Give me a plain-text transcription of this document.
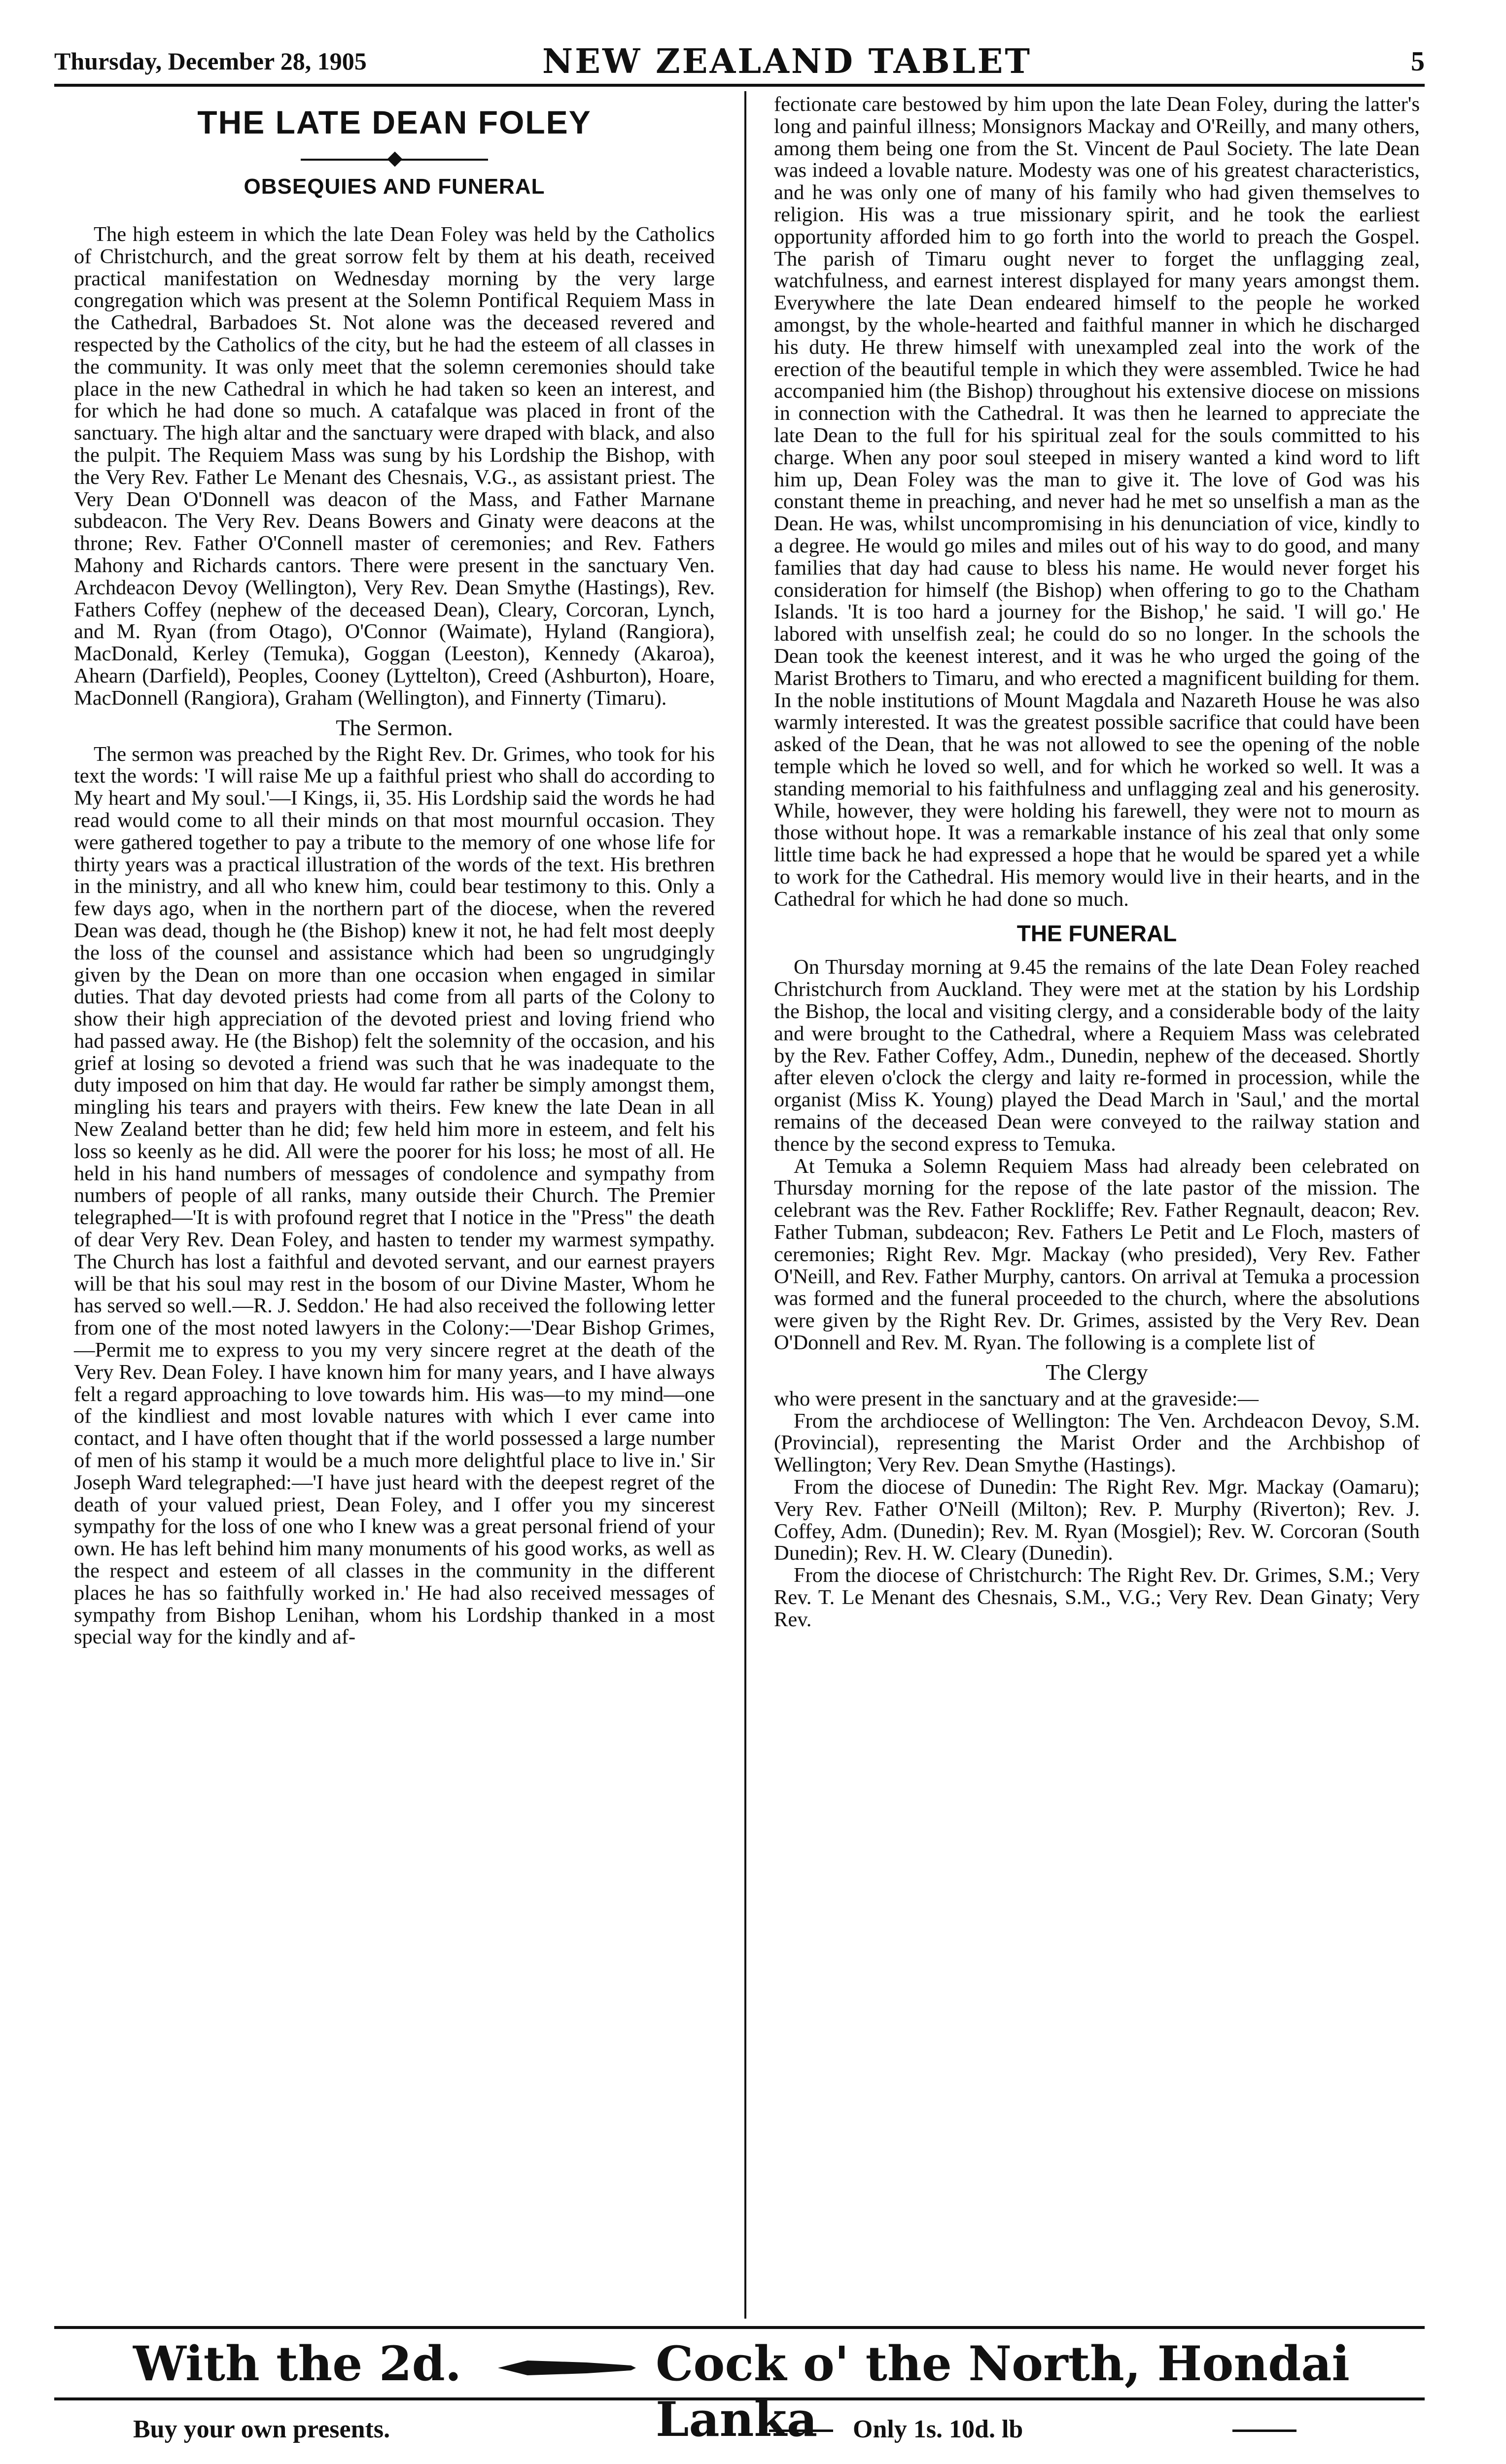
Thursday, December 28, 1905	NEW ZEALAND TABLET	5
THE LATE DEAN FOLEY
OBSEQUIES AND FUNERAL

The high esteem in which the late Dean Foley was held by the Catholics of Christchurch, and the great sorrow felt by them at his death, received practical manifestation on Wednesday morning by the very large congregation which was present at the Solemn Pontifical Requiem Mass in the Cathedral, Barbadoes St. Not alone was the deceased revered and respected by the Catholics of the city, but he had the esteem of all classes in the community. It was only meet that the solemn ceremonies should take place in the new Cathedral in which he had taken so keen an interest, and for which he had done so much. A catafalque was placed in front of the sanctuary. The high altar and the sanctuary were draped with black, and also the pulpit. The Requiem Mass was sung by his Lordship the Bishop, with the Very Rev. Father Le Menant des Chesnais, V.G., as assistant priest. The Very Dean O'Donnell was deacon of the Mass, and Father Marnane subdeacon. The Very Rev. Deans Bowers and Ginaty were deacons at the throne; Rev. Father O'Connell master of ceremonies; and Rev. Fathers Mahony and Richards cantors. There were present in the sanctuary Ven. Archdeacon Devoy (Wellington), Very Rev. Dean Smythe (Hastings), Rev. Fathers Coffey (nephew of the deceased Dean), Cleary, Corcoran, Lynch, and M. Ryan (from Otago), O'Connor (Waimate), Hyland (Rangiora), MacDonald, Kerley (Temuka), Goggan (Leeston), Kennedy (Akaroa), Ahearn (Darfield), Peoples, Cooney (Lyttelton), Creed (Ashburton), Hoare, MacDonnell (Rangiora), Graham (Wellington), and Finnerty (Timaru).

The Sermon.

The sermon was preached by the Right Rev. Dr. Grimes, who took for his text the words: 'I will raise Me up a faithful priest who shall do according to My heart and My soul.'—I Kings, ii, 35. His Lordship said the words he had read would come to all their minds on that most mournful occasion. They were gathered together to pay a tribute to the memory of one whose life for thirty years was a practical illustration of the words of the text. His brethren in the ministry, and all who knew him, could bear testimony to this. Only a few days ago, when in the northern part of the diocese, when the revered Dean was dead, though he (the Bishop) knew it not, he had felt most deeply the loss of the counsel and assistance which had been so ungrudgingly given by the Dean on more than one occasion when engaged in similar duties. That day devoted priests had come from all parts of the Colony to show their high appreciation of the devoted priest and loving friend who had passed away. He (the Bishop) felt the solemnity of the occasion, and his grief at losing so devoted a friend was such that he was inadequate to the duty imposed on him that day. He would far rather be simply amongst them, mingling his tears and prayers with theirs. Few knew the late Dean in all New Zealand better than he did; few held him more in esteem, and felt his loss so keenly as he did. All were the poorer for his loss; he most of all. He held in his hand numbers of messages of condolence and sympathy from numbers of people of all ranks, many outside their Church. The Premier telegraphed—'It is with profound regret that I notice in the "Press" the death of dear Very Rev. Dean Foley, and hasten to tender my warmest sympathy. The Church has lost a faithful and devoted servant, and our earnest prayers will be that his soul may rest in the bosom of our Divine Master, Whom he has served so well.—R. J. Seddon.' He had also received the following letter from one of the most noted lawyers in the Colony:—'Dear Bishop Grimes,—Permit me to express to you my very sincere regret at the death of the Very Rev. Dean Foley. I have known him for many years, and I have always felt a regard approaching to love towards him. His was—to my mind—one of the kindliest and most lovable natures with which I ever came into contact, and I have often thought that if the world possessed a large number of men of his stamp it would be a much more delightful place to live in.' Sir Joseph Ward telegraphed:—'I have just heard with the deepest regret of the death of your valued priest, Dean Foley, and I offer you my sincerest sympathy for the loss of one who I knew was a great personal friend of your own. He has left behind him many monuments of his good works, as well as the respect and esteem of all classes in the community in the different places he has so faithfully worked in.' He had also received messages of sympathy from Bishop Lenihan, whom his Lordship thanked in a most special way for the kindly and af-

fectionate care bestowed by him upon the late Dean Foley, during the latter's long and painful illness; Monsignors Mackay and O'Reilly, and many others, among them being one from the St. Vincent de Paul Society. The late Dean was indeed a lovable nature. Modesty was one of his greatest characteristics, and he was only one of many of his family who had given themselves to religion. His was a true missionary spirit, and he took the earliest opportunity afforded him to go forth into the world to preach the Gospel. The parish of Timaru ought never to forget the unflagging zeal, watchfulness, and earnest interest displayed for many years amongst them. Everywhere the late Dean endeared himself to the people he worked amongst, by the whole-hearted and faithful manner in which he discharged his duty. He threw himself with unexampled zeal into the work of the erection of the beautiful temple in which they were assembled. Twice he had accompanied him (the Bishop) throughout his extensive diocese on missions in connection with the Cathedral. It was then he learned to appreciate the late Dean to the full for his spiritual zeal for the souls committed to his charge. When any poor soul steeped in misery wanted a kind word to lift him up, Dean Foley was the man to give it. The love of God was his constant theme in preaching, and never had he met so unselfish a man as the Dean. He was, whilst uncompromising in his denunciation of vice, kindly to a degree. He would go miles and miles out of his way to do good, and many families that day had cause to bless his name. He would never forget his consideration for himself (the Bishop) when offering to go to the Chatham Islands. 'It is too hard a journey for the Bishop,' he said. 'I will go.' He labored with unselfish zeal; he could do so no longer. In the schools the Dean took the keenest interest, and it was he who urged the going of the Marist Brothers to Timaru, and who erected a magnificent building for them. In the noble institutions of Mount Magdala and Nazareth House he was also warmly interested. It was the greatest possible sacrifice that could have been asked of the Dean, that he was not allowed to see the opening of the noble temple which he loved so well, and for which he worked so well. It was a standing memorial to his faithfulness and unflagging zeal and his generosity. While, however, they were holding his farewell, they were not to mourn as those without hope. It was a remarkable instance of his zeal that only some little time back he had expressed a hope that he would be spared yet a while to work for the Cathedral. His memory would live in their hearts, and in the Cathedral for which he had done so much.

THE FUNERAL

On Thursday morning at 9.45 the remains of the late Dean Foley reached Christchurch from Auckland. They were met at the station by his Lordship the Bishop, the local and visiting clergy, and a considerable body of the laity and were brought to the Cathedral, where a Requiem Mass was celebrated by the Rev. Father Coffey, Adm., Dunedin, nephew of the deceased. Shortly after eleven o'clock the clergy and laity re-formed in procession, while the organist (Miss K. Young) played the Dead March in 'Saul,' and the mortal remains of the deceased Dean were conveyed to the railway station and thence by the second express to Temuka.

At Temuka a Solemn Requiem Mass had already been celebrated on Thursday morning for the repose of the late pastor of the mission. The celebrant was the Rev. Father Rockliffe; Rev. Father Regnault, deacon; Rev. Father Tubman, subdeacon; Rev. Fathers Le Petit and Le Floch, masters of ceremonies; Right Rev. Mgr. Mackay (who presided), Very Rev. Father O'Neill, and Rev. Father Murphy, cantors. On arrival at Temuka a procession was formed and the funeral proceeded to the church, where the absolutions were given by the Right Rev. Dr. Grimes, assisted by the Very Rev. Dean O'Donnell and Rev. M. Ryan. The following is a complete list of

The Clergy

who were present in the sanctuary and at the graveside:—

From the archdiocese of Wellington: The Ven. Archdeacon Devoy, S.M. (Provincial), representing the Marist Order and the Archbishop of Wellington; Very Rev. Dean Smythe (Hastings).

From the diocese of Dunedin: The Right Rev. Mgr. Mackay (Oamaru); Very Rev. Father O'Neill (Milton); Rev. P. Murphy (Riverton); Rev. J. Coffey, Adm. (Dunedin); Rev. M. Ryan (Mosgiel); Rev. W. Corcoran (South Dunedin); Rev. H. W. Cleary (Dunedin).

From the diocese of Christchurch: The Right Rev. Dr. Grimes, S.M.; Very Rev. T. Le Menant des Chesnais, S.M., V.G.; Very Rev. Dean Ginaty; Very Rev.

With the 2d.	Cock o' the North, Hondai Lanka
Buy your own presents.	Only 1s. 10d. lb
